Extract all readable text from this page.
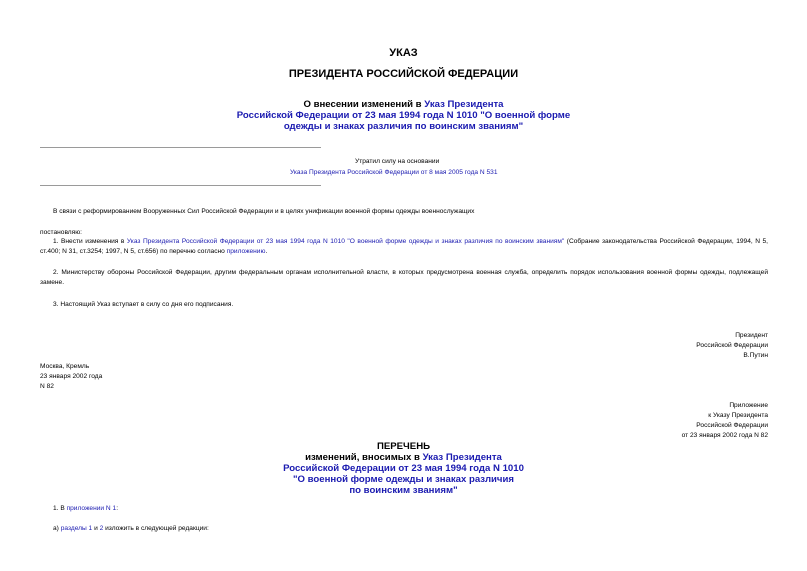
УКАЗ
ПРЕЗИДЕНТА РОССИЙСКОЙ ФЕДЕРАЦИИ
О внесении изменений в Указ Президента
Российской Федерации от 23 мая 1994 года N 1010 "О военной форме
одежды и знаках различия по воинским званиям"
Утратил силу на основании
Указа Президента Российской Федерации от 8 мая 2005 года N 531
В связи с реформированием Вооруженных Сил Российской Федерации и в целях унификации военной формы одежды военнослужащих
постановляю:
1. Внести изменения в Указ Президента Российской Федерации от 23 мая 1994 года N 1010 "О военной форме одежды и знаках различия по воинским званиям" (Собрание законодательства Российской Федерации, 1994, N 5, ст.400; N 31, ст.3254; 1997, N 5, ст.656) по перечню согласно приложению.
2. Министерству обороны Российской Федерации, другим федеральным органам исполнительной власти, в которых предусмотрена военная служба, определить порядок использования военной формы одежды, подлежащей замене.
3. Настоящий Указ вступает в силу со дня его подписания.
Президент
Российской Федерации
В.Путин
Москва, Кремль
23 января 2002 года
N 82
Приложение
к Указу Президента
Российской Федерации
от 23 января 2002 года N 82
ПЕРЕЧЕНЬ
изменений, вносимых в Указ Президента
Российской Федерации от 23 мая 1994 года N 1010
"О военной форме одежды и знаках различия
по воинским званиям"
1. В приложении N 1:
а) разделы 1 и 2 изложить в следующей редакции:
